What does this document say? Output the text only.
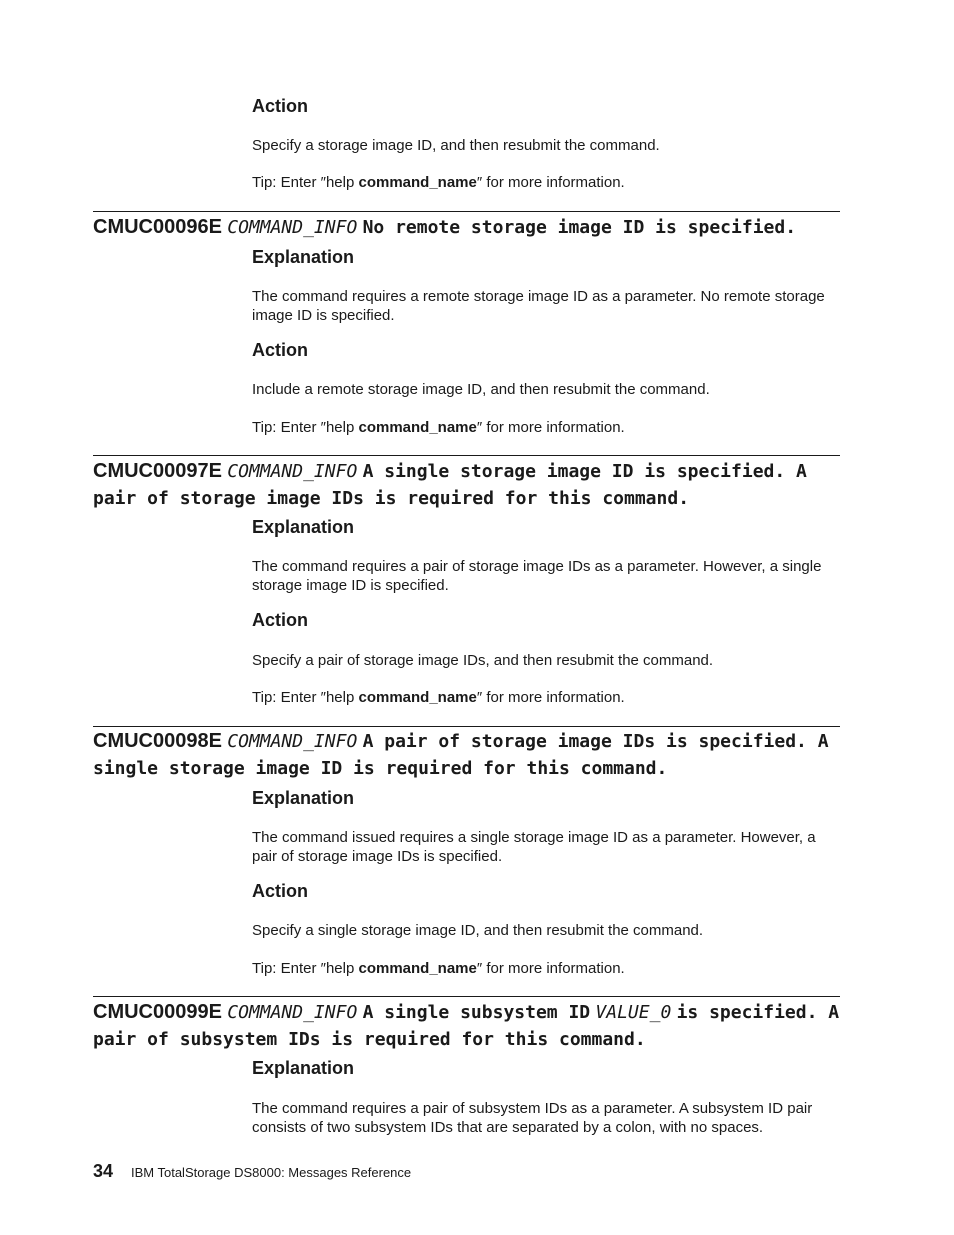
Action

Specify a storage image ID, and then resubmit the command.

Tip: Enter ″help command_name″ for more information.

CMUC00096E COMMAND_INFO No remote storage image ID is specified.

Explanation

The command requires a remote storage image ID as a parameter. No remote storage image ID is specified.

Action

Include a remote storage image ID, and then resubmit the command.

Tip: Enter ″help command_name″ for more information.

CMUC00097E COMMAND_INFO A single storage image ID is specified. A pair of storage image IDs is required for this command.

Explanation

The command requires a pair of storage image IDs as a parameter. However, a single storage image ID is specified.

Action

Specify a pair of storage image IDs, and then resubmit the command.

Tip: Enter ″help command_name″ for more information.

CMUC00098E COMMAND_INFO A pair of storage image IDs is specified. A single storage image ID is required for this command.

Explanation

The command issued requires a single storage image ID as a parameter. However, a pair of storage image IDs is specified.

Action

Specify a single storage image ID, and then resubmit the command.

Tip: Enter ″help command_name″ for more information.

CMUC00099E COMMAND_INFO A single subsystem ID VALUE_0 is specified. A pair of subsystem IDs is required for this command.

Explanation

The command requires a pair of subsystem IDs as a parameter. A subsystem ID pair consists of two subsystem IDs that are separated by a colon, with no spaces.

34 IBM TotalStorage DS8000: Messages Reference
